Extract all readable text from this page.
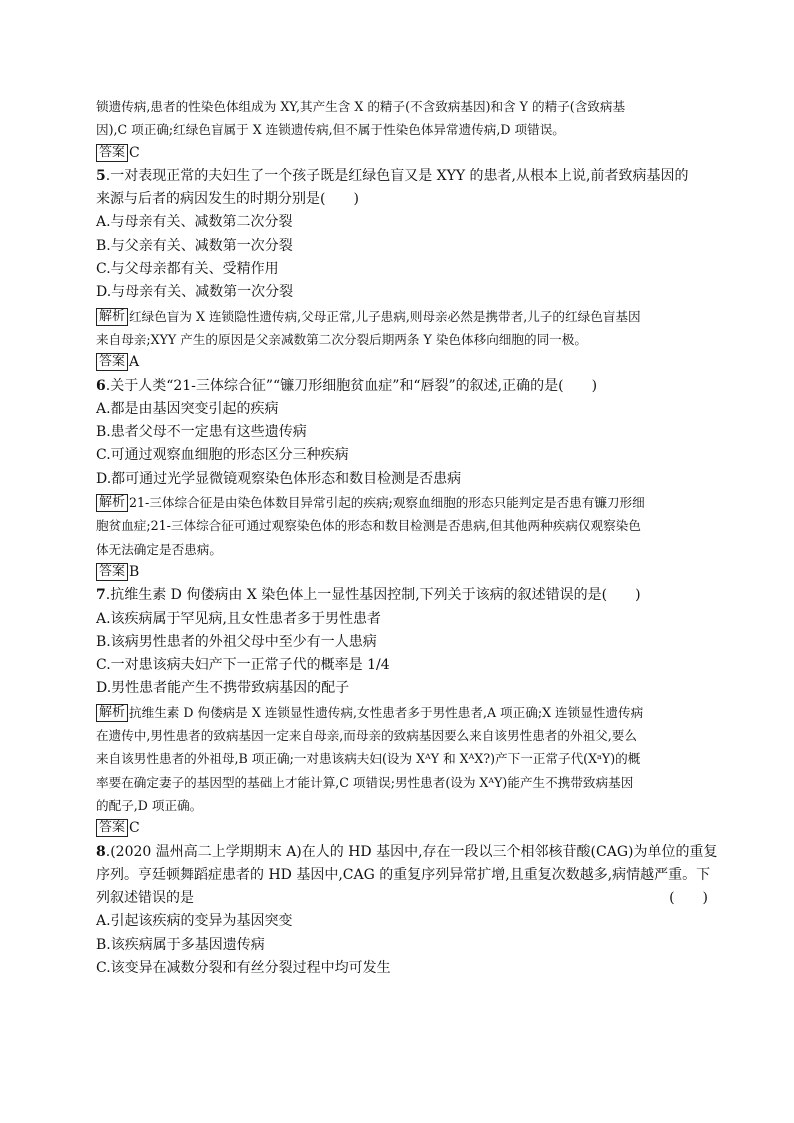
锁遗传病,患者的性染色体组成为 XY,其产生含 X 的精子(不含致病基因)和含 Y 的精子(含致病基
因),C 项正确;红绿色盲属于 X 连锁遗传病,但不属于性染色体异常遗传病,D 项错误。
答案 C
5.一对表现正常的夫妇生了一个孩子既是红绿色盲又是 XYY 的患者,从根本上说,前者致病基因的
来源与后者的病因发生的时期分别是(　　)
A.与母亲有关、减数第二次分裂
B.与父亲有关、减数第一次分裂
C.与父母亲都有关、受精作用
D.与母亲有关、减数第一次分裂
解析 红绿色盲为 X 连锁隐性遗传病,父母正常,儿子患病,则母亲必然是携带者,儿子的红绿色盲基因
来自母亲;XYY 产生的原因是父亲减数第二次分裂后期两条 Y 染色体移向细胞的同一极。
答案 A
6.关于人类“21-三体综合征”“镰刀形细胞贫血症”和“唇裂”的叙述,正确的是(　　)
A.都是由基因突变引起的疾病
B.患者父母不一定患有这些遗传病
C.可通过观察血细胞的形态区分三种疾病
D.都可通过光学显微镜观察染色体形态和数目检测是否患病
解析 21-三体综合征是由染色体数目异常引起的疾病;观察血细胞的形态只能判定是否患有镰刀形细
胞贫血症;21-三体综合征可通过观察染色体的形态和数目检测是否患病,但其他两种疾病仅观察染色
体无法确定是否患病。
答案 B
7.抗维生素 D 佝偻病由 X 染色体上一显性基因控制,下列关于该病的叙述错误的是(　　)
A.该疾病属于罕见病,且女性患者多于男性患者
B.该病男性患者的外祖父母中至少有一人患病
C.一对患该病夫妇产下一正常子代的概率是 1/4
D.男性患者能产生不携带致病基因的配子
解析 抗维生素 D 佝偻病是 X 连锁显性遗传病,女性患者多于男性患者,A 项正确;X 连锁显性遗传病
在遗传中,男性患者的致病基因一定来自母亲,而母亲的致病基因要么来自该男性患者的外祖父,要么
来自该男性患者的外祖母,B 项正确;一对患该病夫妇(设为 XᴬY 和 XᴬX?)产下一正常子代(XᵃY)的概
率要在确定妻子的基因型的基础上才能计算,C 项错误;男性患者(设为 XᴬY)能产生不携带致病基因
的配子,D 项正确。
答案 C
8.(2020 温州高二上学期期末 A)在人的 HD 基因中,存在一段以三个相邻核苷酸(CAG)为单位的重复
序列。亨廷顿舞蹈症患者的 HD 基因中,CAG 的重复序列异常扩增,且重复次数越多,病情越严重。下
列叙述错误的是	(　　)
A.引起该疾病的变异为基因突变
B.该疾病属于多基因遗传病
C.该变异在减数分裂和有丝分裂过程中均可发生
